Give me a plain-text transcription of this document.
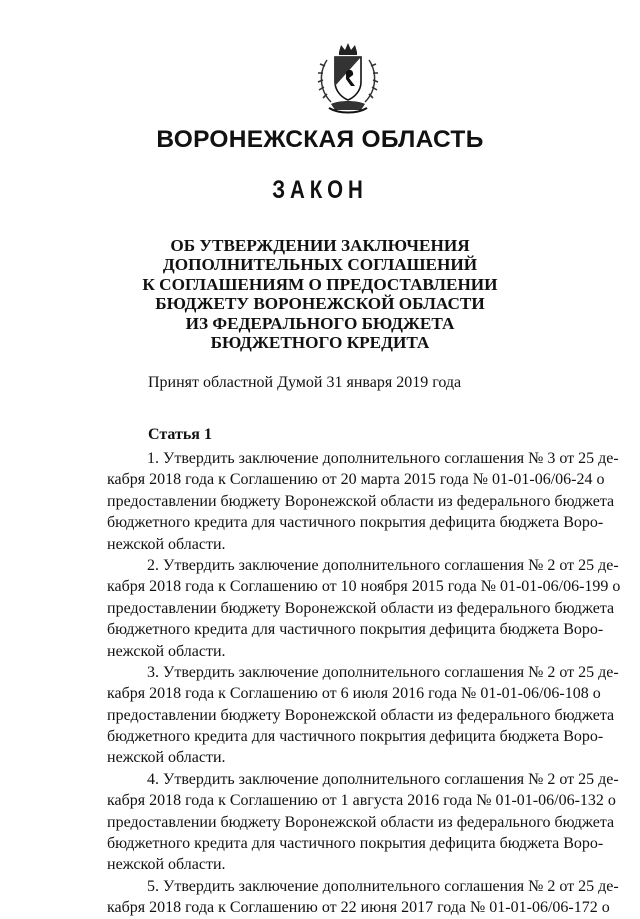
ВОРОНЕЖСКАЯ ОБЛАСТЬ
ЗАКОН
ОБ УТВЕРЖДЕНИИ ЗАКЛЮЧЕНИЯ
ДОПОЛНИТЕЛЬНЫХ СОГЛАШЕНИЙ
К СОГЛАШЕНИЯМ О ПРЕДОСТАВЛЕНИИ
БЮДЖЕТУ ВОРОНЕЖСКОЙ ОБЛАСТИ
ИЗ ФЕДЕРАЛЬНОГО БЮДЖЕТА
БЮДЖЕТНОГО КРЕДИТА
Принят областной Думой 31 января 2019 года
Статья 1
1. Утвердить заключение дополнительного соглашения № 3 от 25 де-
кабря 2018 года к Соглашению от 20 марта 2015 года № 01-01-06/06-24 о
предоставлении бюджету Воронежской области из федерального бюджета
бюджетного кредита для частичного покрытия дефицита бюджета Воро-
нежской области.
2. Утвердить заключение дополнительного соглашения № 2 от 25 де-
кабря 2018 года к Соглашению от 10 ноября 2015 года № 01-01-06/06-199 о
предоставлении бюджету Воронежской области из федерального бюджета
бюджетного кредита для частичного покрытия дефицита бюджета Воро-
нежской области.
3. Утвердить заключение дополнительного соглашения № 2 от 25 де-
кабря 2018 года к Соглашению от 6 июля 2016 года № 01-01-06/06-108 о
предоставлении бюджету Воронежской области из федерального бюджета
бюджетного кредита для частичного покрытия дефицита бюджета Воро-
нежской области.
4. Утвердить заключение дополнительного соглашения № 2 от 25 де-
кабря 2018 года к Соглашению от 1 августа 2016 года № 01-01-06/06-132 о
предоставлении бюджету Воронежской области из федерального бюджета
бюджетного кредита для частичного покрытия дефицита бюджета Воро-
нежской области.
5. Утвердить заключение дополнительного соглашения № 2 от 25 де-
кабря 2018 года к Соглашению от 22 июня 2017 года № 01-01-06/06-172 о
